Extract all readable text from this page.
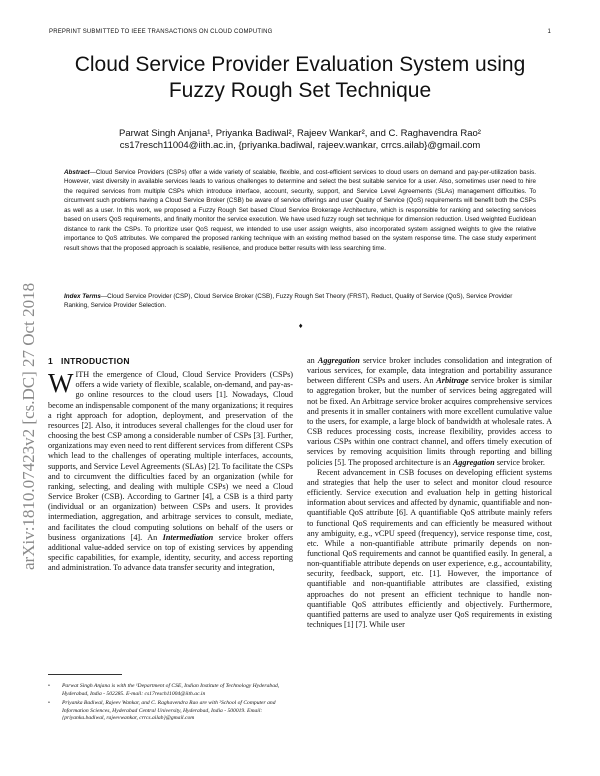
PREPRINT SUBMITTED TO IEEE TRANSACTIONS ON CLOUD COMPUTING	1
arXiv:1810.07423v2 [cs.DC] 27 Oct 2018
Cloud Service Provider Evaluation System using
Fuzzy Rough Set Technique
Parwat Singh Anjana¹, Priyanka Badiwal², Rajeev Wankar², and C. Raghavendra Rao²
cs17resch11004@iith.ac.in, {priyanka.badiwal, rajeev.wankar, crrcs.ailab}@gmail.com
Abstract—Cloud Service Providers (CSPs) offer a wide variety of scalable, flexible, and cost-efficient services to cloud users on demand and pay-per-utilization basis. However, vast diversity in available services leads to various challenges to determine and select the best suitable service for a user. Also, sometimes user need to hire the required services from multiple CSPs which introduce interface, account, security, support, and Service Level Agreements (SLAs) management difficulties. To circumvent such problems having a Cloud Service Broker (CSB) be aware of service offerings and user Quality of Service (QoS) requirements will benefit both the CSPs as well as a user. In this work, we proposed a Fuzzy Rough Set based Cloud Service Brokerage Architecture, which is responsible for ranking and selecting services based on users QoS requirements, and finally monitor the service execution. We have used fuzzy rough set technique for dimension reduction. Used weighted Euclidean distance to rank the CSPs. To prioritize user QoS request, we intended to use user assign weights, also incorporated system assigned weights to give the relative importance to QoS attributes. We compared the proposed ranking technique with an existing method based on the system response time. The case study experiment result shows that the proposed approach is scalable, resilience, and produce better results with less searching time.
Index Terms—Cloud Service Provider (CSP), Cloud Service Broker (CSB), Fuzzy Rough Set Theory (FRST), Reduct, Quality of Service (QoS), Service Provider Ranking, Service Provider Selection.
♦
1 INTRODUCTION

WITH the emergence of Cloud, Cloud Service Providers (CSPs) offers a wide variety of flexible, scalable, on-demand, and pay-as-go online resources to the cloud users [1]. Nowadays, Cloud become an indispensable component of the many organizations; it requires a right approach for adoption, deployment, and preservation of the resources [2]. Also, it introduces several challenges for the cloud user for choosing the best CSP among a considerable number of CSPs [3]. Further, organizations may even need to rent different services from different CSPs which lead to the challenges of operating multiple interfaces, accounts, supports, and Service Level Agreements (SLAs) [2]. To facilitate the CSPs and to circumvent the difficulties faced by an organization (while for ranking, selecting, and dealing with multiple CSPs) we need a Cloud Service Broker (CSB). According to Gartner [4], a CSB is a third party (individual or an organization) between CSPs and users. It provides intermediation, aggregation, and arbitrage services to consult, mediate, and facilitates the cloud computing solutions on behalf of the users or business organizations [4]. An Intermediation service broker offers additional value-added service on top of existing services by appending specific capabilities, for example, identity, security, and access reporting and administration. To advance data transfer security and integration,

an Aggregation service broker includes consolidation and integration of various services, for example, data integration and portability assurance between different CSPs and users. An Arbitrage service broker is similar to aggregation broker, but the number of services being aggregated will not be fixed. An Arbitrage service broker acquires comprehensive services and presents it in smaller containers with more excellent cumulative value to the users, for example, a large block of bandwidth at wholesale rates. A CSB reduces processing costs, increase flexibility, provides access to various CSPs within one contract channel, and offers timely execution of services by removing acquisition limits through reporting and billing policies [5]. The proposed architecture is an Aggregation service broker.

Recent advancement in CSB focuses on developing efficient systems and strategies that help the user to select and monitor cloud resource efficiently. Service execution and evaluation help in getting historical information about services and affected by dynamic, quantifiable and non-quantifiable QoS attribute [6]. A quantifiable QoS attribute mainly refers to functional QoS requirements and can efficiently be measured without any ambiguity, e.g., vCPU speed (frequency), service response time, cost, etc. While a non-quantifiable attribute primarily depends on non-functional QoS requirements and cannot be quantified easily. In general, a non-quantifiable attribute depends on user experience, e.g., accountability, security, feedback, support, etc. [1]. However, the importance of quantifiable and non-quantifiable attributes are classified, existing approaches do not present an efficient technique to handle non-quantifiable QoS attributes efficiently and objectively. Furthermore, quantified patterns are used to analyze user QoS requirements in existing techniques [1] [7]. While user

•	Parwat Singh Anjana is with the ¹Department of CSE, Indian Institute of Technology Hyderabad, Hyderabad, India - 502285. E-mail: cs17resch11004@iith.ac.in
•	Priyanka Badiwal, Rajeev Wankar, and C. Raghavendra Rao are with ²School of Computer and Information Sciences, Hyderabad Central University, Hyderabad, India - 500019. Email: {priyanka.badiwal, rajeevwankar, crrcs.ailab}@gmail.com
